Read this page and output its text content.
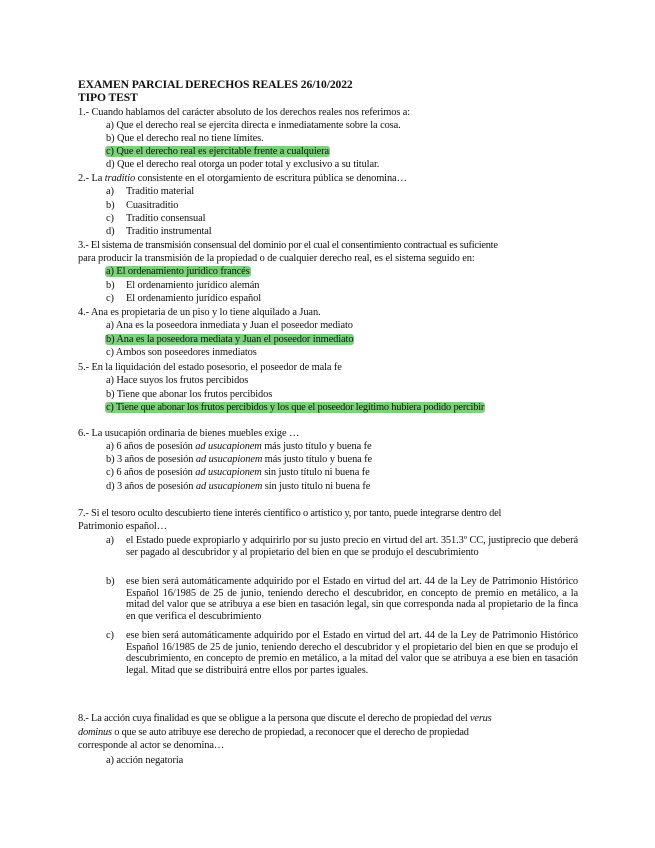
EXAMEN PARCIAL DERECHOS REALES 26/10/2022
TIPO TEST
1.- Cuando hablamos del carácter absoluto de los derechos reales nos referimos a:
a) Que el derecho real se ejercita directa e inmediatamente sobre la cosa.
b) Que el derecho real no tiene límites.
c) Que el derecho real es ejercitable frente a cualquiera
d) Que el derecho real otorga un poder total y exclusivo a su titular.
2.- La traditio consistente en el otorgamiento de escritura pública se denomina…
a) Traditio material
b) Cuasitraditio
c) Traditio consensual
d) Traditio instrumental
3.- El sistema de transmisión consensual del dominio por el cual el consentimiento contractual es suficiente
para producir la transmisión de la propiedad o de cualquier derecho real, es el sistema seguido en:
a) El ordenamiento jurídico francés
b) El ordenamiento jurídico alemán
c) El ordenamiento jurídico español
4.- Ana es propietaria de un piso y lo tiene alquilado a Juan.
a) Ana es la poseedora inmediata y Juan el poseedor mediato
b) Ana es la poseedora mediata y Juan el poseedor inmediato
c) Ambos son poseedores inmediatos
5.- En la liquidación del estado posesorio, el poseedor de mala fe
a) Hace suyos los frutos percibidos
b) Tiene que abonar los frutos percibidos
c) Tiene que abonar los frutos percibidos y los que el poseedor legítimo hubiera podido percibir
6.- La usucapión ordinaria de bienes muebles exige …
a) 6 años de posesión ad usucapionem más justo título y buena fe
b) 3 años de posesión ad usucapionem más justo título y buena fe
c) 6 años de posesión ad usucapionem sin justo título ni buena fe
d) 3 años de posesión ad usucapionem sin justo título ni buena fe
7.- Si el tesoro oculto descubierto tiene interés científico o artístico y, por tanto, puede integrarse dentro del
Patrimonio español…
a) el Estado puede expropiarlo y adquirirlo por su justo precio en virtud del art. 351.3º CC, justiprecio que deberá ser pagado al descubridor y al propietario del bien en que se produjo el descubrimiento
b) ese bien será automáticamente adquirido por el Estado en virtud del art. 44 de la Ley de Patrimonio Histórico Español 16/1985 de 25 de junio, teniendo derecho el descubridor, en concepto de premio en metálico, a la mitad del valor que se atribuya a ese bien en tasación legal, sin que corresponda nada al propietario de la finca en que verifica el descubrimiento
c) ese bien será automáticamente adquirido por el Estado en virtud del art. 44 de la Ley de Patrimonio Histórico Español 16/1985 de 25 de junio, teniendo derecho el descubridor y el propietario del bien en que se produjo el descubrimiento, en concepto de premio en metálico, a la mitad del valor que se atribuya a ese bien en tasación legal. Mitad que se distribuirá entre ellos por partes iguales.
8.- La acción cuya finalidad es que se obligue a la persona que discute el derecho de propiedad del verus
dominus o que se auto atribuye ese derecho de propiedad, a reconocer que el derecho de propiedad
corresponde al actor se denomina…
a) acción negatoria
